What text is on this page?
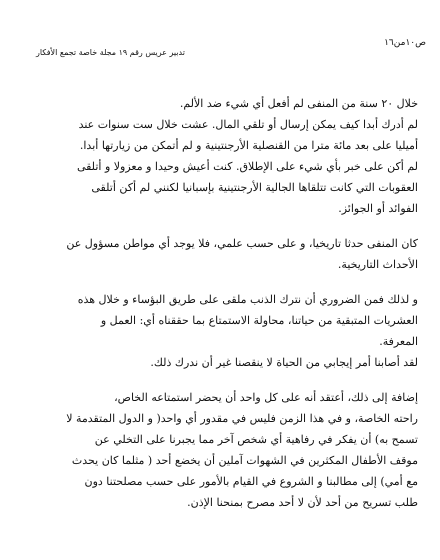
ص١٠من١٦
تدبير عريس رقم ١٩ مجلة خاصة تجمع الأفكار
خلال ٢٠ سنة من المنفى لم أفعل أي شيء ضد الألم.
لم أدرك أبدا كيف يمكن إرسال أو تلقي المال. عشت خلال ست سنوات عند
أميليا على بعد مائة مترا من القنصلية الأرجنتينية و لم أتمكن من زيارتها أبدا.
لم أكن على خبر بأي شيء على الإطلاق. كنت أعيش وحيدا و معزولا و أتلقى
العقوبات التي كانت تتلقاها الجالية الأرجنتينية بإسبانيا لكنني لم أكن أتلقى
الفوائد أو الجوائز.
كان المنفى حدثا تاريخيا، و على حسب علمي، فلا يوجد أي مواطن مسؤول عن
الأحداث التاريخية.
و لذلك فمن الضروري أن نترك الذنب ملقى على طريق البؤساء و خلال هذه
العشريات المتبقية من حياتنا، محاولة الاستمتاع بما حققناه أي: العمل و
المعرفة.
لقد أصابنا أمر إيجابي من الحياة لا ينقصنا غير أن ندرك ذلك.
إضافة إلى ذلك، أعتقد أنه على كل واحد أن يحضر استمتاعه الخاص،
راحته الخاصة، و في هذا الزمن فليس في مقدور أي واحد( و الدول المتقدمة لا
تسمح به) أن يفكر في رفاهية أي شخص آخر مما يجبرنا على التخلي عن
موقف الأطفال المكثرين في الشهوات آملين أن يخضع أحد ( مثلما كان يحدث
مع أمي) إلى مطالبنا و الشروع في القيام بالأمور على حسب مصلحتنا دون
طلب تسريح من أحد لأن لا أحد مصرح بمنحنا الإذن.
